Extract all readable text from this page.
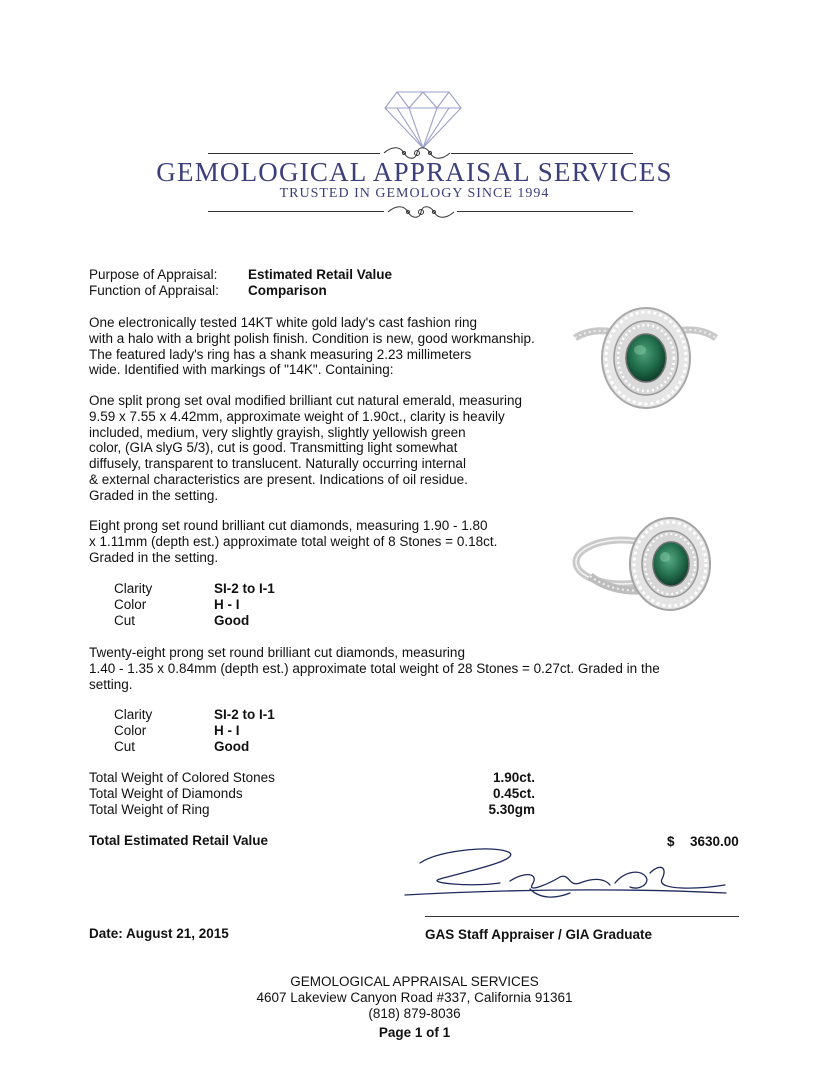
GEMOLOGICAL APPRAISAL SERVICES
TRUSTED IN GEMOLOGY SINCE 1994
Purpose of Appraisal: Estimated Retail Value
Function of Appraisal: Comparison
One electronically tested 14KT white gold lady's cast fashion ring
with a halo with a bright polish finish. Condition is new, good workmanship.
The featured lady's ring has a shank measuring 2.23 millimeters
wide. Identified with markings of "14K". Containing:
One split prong set oval modified brilliant cut natural emerald, measuring
9.59 x 7.55 x 4.42mm, approximate weight of 1.90ct., clarity is heavily
included, medium, very slightly grayish, slightly yellowish green
color, (GIA slyG 5/3), cut is good. Transmitting light somewhat
diffusely, transparent to translucent. Naturally occurring internal
& external characteristics are present. Indications of oil residue.
Graded in the setting.
Eight prong set round brilliant cut diamonds, measuring 1.90 - 1.80
x 1.11mm (depth est.) approximate total weight of 8 Stones = 0.18ct.
Graded in the setting.
Clarity	SI-2 to I-1
Color	H - I
Cut	Good
Twenty-eight prong set round brilliant cut diamonds, measuring
1.40 - 1.35 x 0.84mm (depth est.) approximate total weight of 28 Stones = 0.27ct. Graded in the
setting.
Clarity	SI-2 to I-1
Color	H - I
Cut	Good
Total Weight of Colored Stones	1.90ct.
Total Weight of Diamonds	0.45ct.
Total Weight of Ring	5.30gm
Total Estimated Retail Value	$ 3630.00
Date: August 21, 2015	GAS Staff Appraiser / GIA Graduate
GEMOLOGICAL APPRAISAL SERVICES
4607 Lakeview Canyon Road #337, California 91361
(818) 879-8036
Page 1 of 1
